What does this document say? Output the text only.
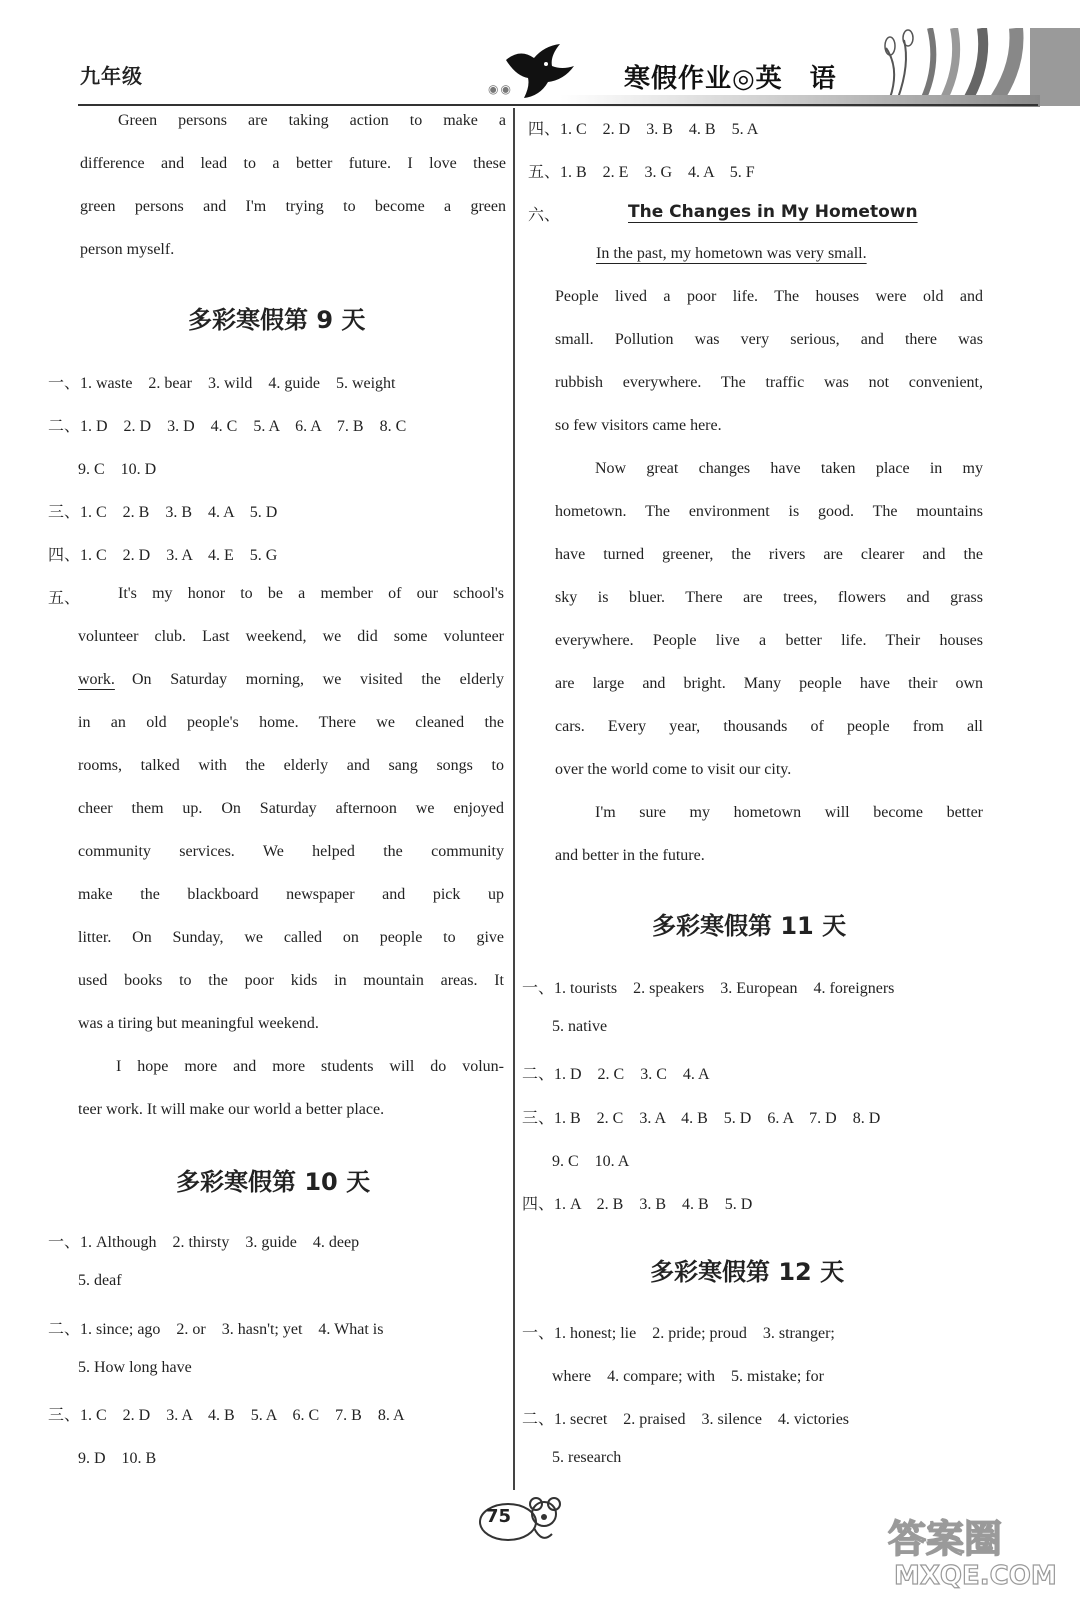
九年级
◉◉	寒假作业◎英　语
Green persons are taking action to make a
difference and lead to a better future. I love these
green persons and I'm trying to become a green
person myself.
多彩寒假第 9 天
一、1. waste　2. bear　3. wild　4. guide　5. weight
二、1. D　2. D　3. D　4. C　5. A　6. A　7. B　8. C
9. C　10. D
三、1. C　2. B　3. B　4. A　5. D
四、1. C　2. D　3. A　4. E　5. G
五、 It's my honor to be a member of our school's
volunteer club. Last weekend, we did some volunteer
work. On Saturday morning, we visited the elderly
in an old people's home. There we cleaned the
rooms, talked with the elderly and sang songs to
cheer them up. On Saturday afternoon we enjoyed
community services. We helped the community
make the blackboard newspaper and pick up
litter. On Sunday, we called on people to give
used books to the poor kids in mountain areas. It
was a tiring but meaningful weekend.
I hope more and more students will do volun-
teer work. It will make our world a better place.
多彩寒假第 10 天
一、1. Although　2. thirsty　3. guide　4. deep
5. deaf
二、1. since; ago　2. or　3. hasn't; yet　4. What is
5. How long have
三、1. C　2. D　3. A　4. B　5. A　6. C　7. B　8. A
9. D　10. B
四、1. C　2. D　3. B　4. B　5. A
五、1. B　2. E　3. G　4. A　5. F
六、	The Changes in My Hometown
In the past, my hometown was very small.
People lived a poor life. The houses were old and
small. Pollution was very serious, and there was
rubbish everywhere. The traffic was not convenient,
so few visitors came here.
Now great changes have taken place in my
hometown. The environment is good. The mountains
have turned greener, the rivers are clearer and the
sky is bluer. There are trees, flowers and grass
everywhere. People live a better life. Their houses
are large and bright. Many people have their own
cars. Every year, thousands of people from all
over the world come to visit our city.
I'm sure my hometown will become better
and better in the future.
多彩寒假第 11 天
一、1. tourists　2. speakers　3. European　4. foreigners
5. native
二、1. D　2. C　3. C　4. A
三、1. B　2. C　3. A　4. B　5. D　6. A　7. D　8. D
9. C　10. A
四、1. A　2. B　3. B　4. B　5. D
多彩寒假第 12 天
一、1. honest; lie　2. pride; proud　3. stranger;
where　4. compare; with　5. mistake; for
二、1. secret　2. praised　3. silence　4. victories
5. research
75
答案圈
MXQE.COM
